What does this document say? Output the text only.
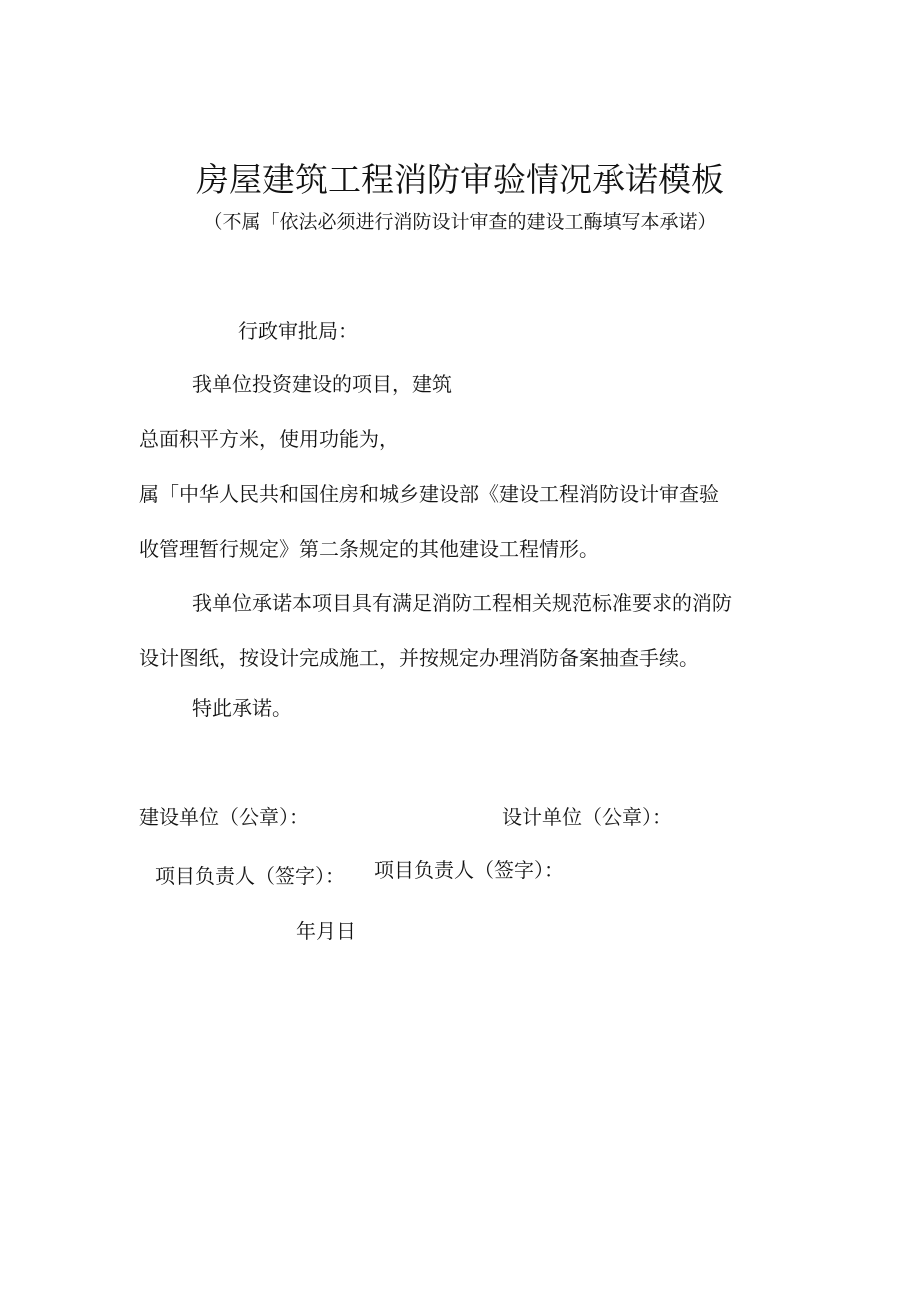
房屋建筑工程消防审验情况承诺模板
（不属「依法必须进行消防设计审查的建设工酶填写本承诺）
行政审批局：
我单位投资建设的项目，建筑
总面积平方米，使用功能为，
属「中华人民共和国住房和城乡建设部《建设工程消防设计审查验
收管理暂行规定》第二条规定的其他建设工程情形。
我单位承诺本项目具有满足消防工程相关规范标准要求的消防
设计图纸，按设计完成施工，并按规定办理消防备案抽查手续。
特此承诺。
建设单位（公章）：	设计单位（公章）：
项目负责人（签字）： 项目负责人（签字）：
年月日
